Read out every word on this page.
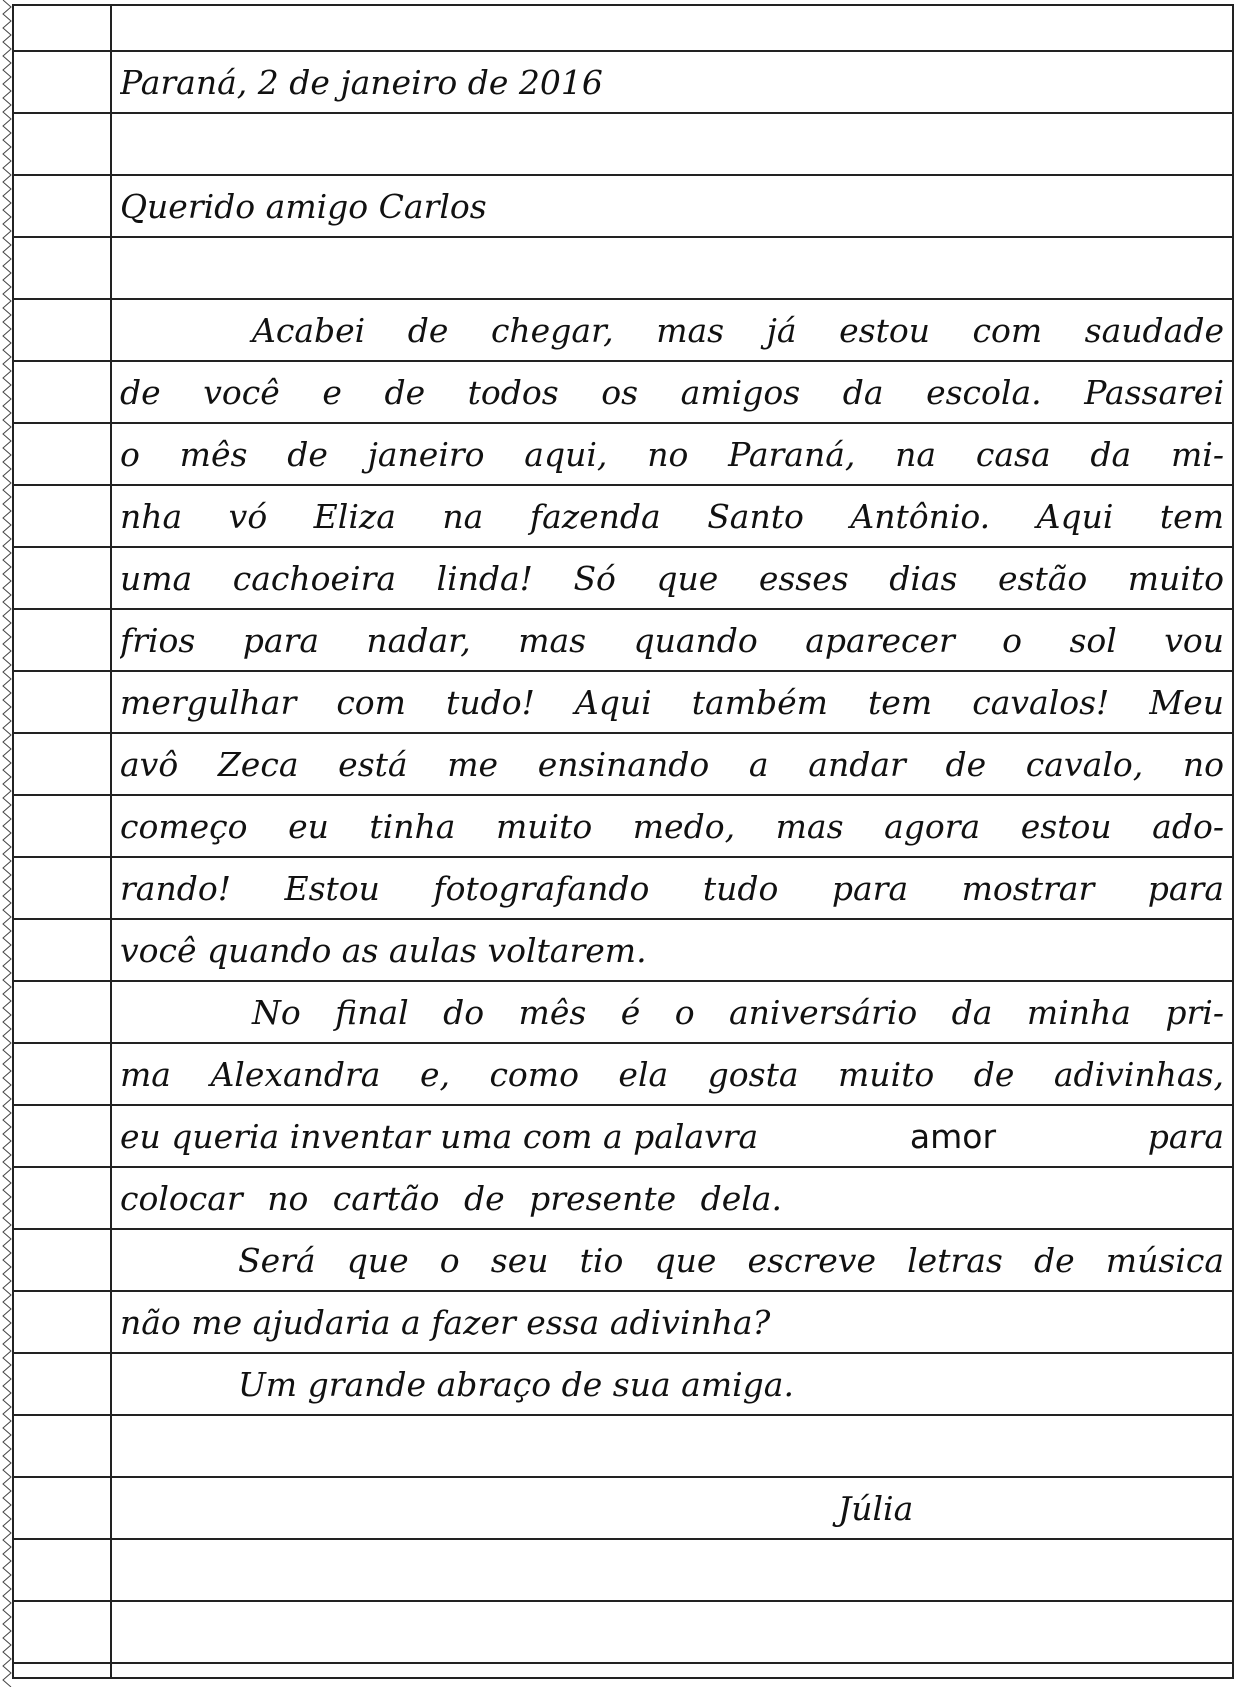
Paraná, 2 de janeiro de 2016
Querido amigo Carlos
Acabei de chegar, mas já estou com saudade
de você e de todos os amigos da escola. Passarei
o mês de janeiro aqui, no Paraná, na casa da mi-
nha vó Eliza na fazenda Santo Antônio. Aqui tem
uma cachoeira linda! Só que esses dias estão muito
frios para nadar, mas quando aparecer o sol vou
mergulhar com tudo! Aqui também tem cavalos! Meu
avô Zeca está me ensinando a andar de cavalo, no
começo eu tinha muito medo, mas agora estou ado-
rando! Estou fotografando tudo para mostrar para
você quando as aulas voltarem.
No final do mês é o aniversário da minha pri-
ma Alexandra e, como ela gosta muito de adivinhas,
eu queria inventar uma com a palavra	amor	para
colocar no cartão de presente dela.
Será que o seu tio que escreve letras de música
não me ajudaria a fazer essa adivinha?
Um grande abraço de sua amiga.
Júlia
